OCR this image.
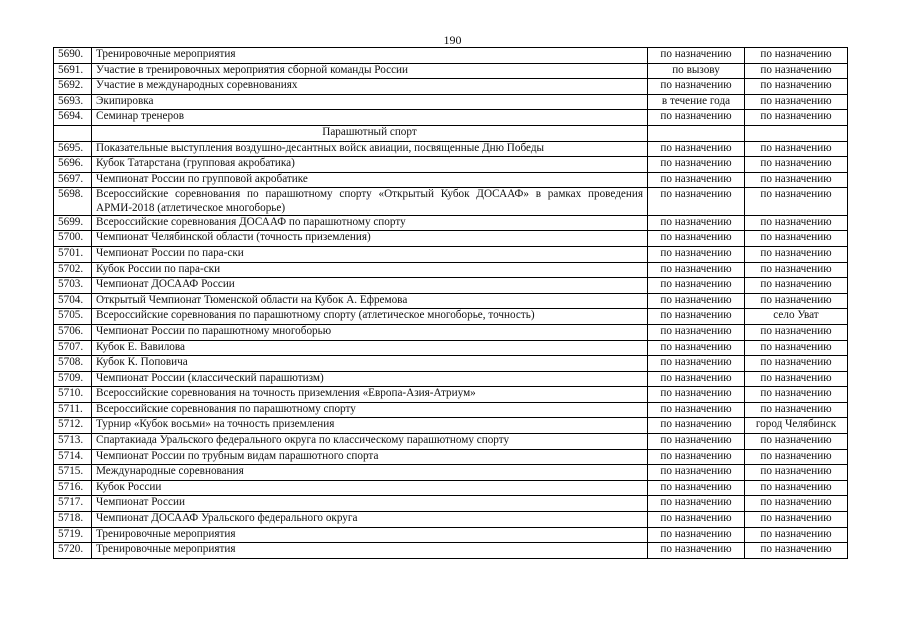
190
5690.	Тренировочные мероприятия	по назначению	по назначению
5691.	Участие в тренировочных мероприятия сборной команды России	по вызову	по назначению
5692.	Участие в международных соревнованиях	по назначению	по назначению
5693.	Экипировка	в течение года	по назначению
5694.	Семинар тренеров	по назначению	по назначению
	Парашютный спорт		
5695.	Показательные выступления воздушно-десантных войск авиации, посвященные Дню Победы	по назначению	по назначению
5696.	Кубок Татарстана (групповая акробатика)	по назначению	по назначению
5697.	Чемпионат России по групповой акробатике	по назначению	по назначению
5698.	Всероссийские соревнования по парашютному спорту «Открытый Кубок ДОСААФ» в рамках проведения АРМИ-2018 (атлетическое многоборье)	по назначению	по назначению
5699.	Всероссийские соревнования ДОСААФ по парашютному спорту	по назначению	по назначению
5700.	Чемпионат Челябинской области (точность приземления)	по назначению	по назначению
5701.	Чемпионат России по пара-ски	по назначению	по назначению
5702.	Кубок России по пара-ски	по назначению	по назначению
5703.	Чемпионат ДОСААФ России	по назначению	по назначению
5704.	Открытый Чемпионат Тюменской области на Кубок А. Ефремова	по назначению	по назначению
5705.	Всероссийские соревнования по парашютному спорту (атлетическое многоборье, точность)	по назначению	село Уват
5706.	Чемпионат России по парашютному многоборью	по назначению	по назначению
5707.	Кубок Е. Вавилова	по назначению	по назначению
5708.	Кубок К. Поповича	по назначению	по назначению
5709.	Чемпионат России (классический парашютизм)	по назначению	по назначению
5710.	Всероссийские соревнования на точность приземления «Европа-Азия-Атриум»	по назначению	по назначению
5711.	Всероссийские соревнования по парашютному спорту	по назначению	по назначению
5712.	Турнир «Кубок восьми» на точность приземления	по назначению	город Челябинск
5713.	Спартакиада Уральского федерального округа по классическому парашютному спорту	по назначению	по назначению
5714.	Чемпионат России по трубным видам парашютного спорта	по назначению	по назначению
5715.	Международные соревнования	по назначению	по назначению
5716.	Кубок России	по назначению	по назначению
5717.	Чемпионат России	по назначению	по назначению
5718.	Чемпионат ДОСААФ Уральского федерального округа	по назначению	по назначению
5719.	Тренировочные мероприятия	по назначению	по назначению
5720.	Тренировочные мероприятия	по назначению	по назначению
